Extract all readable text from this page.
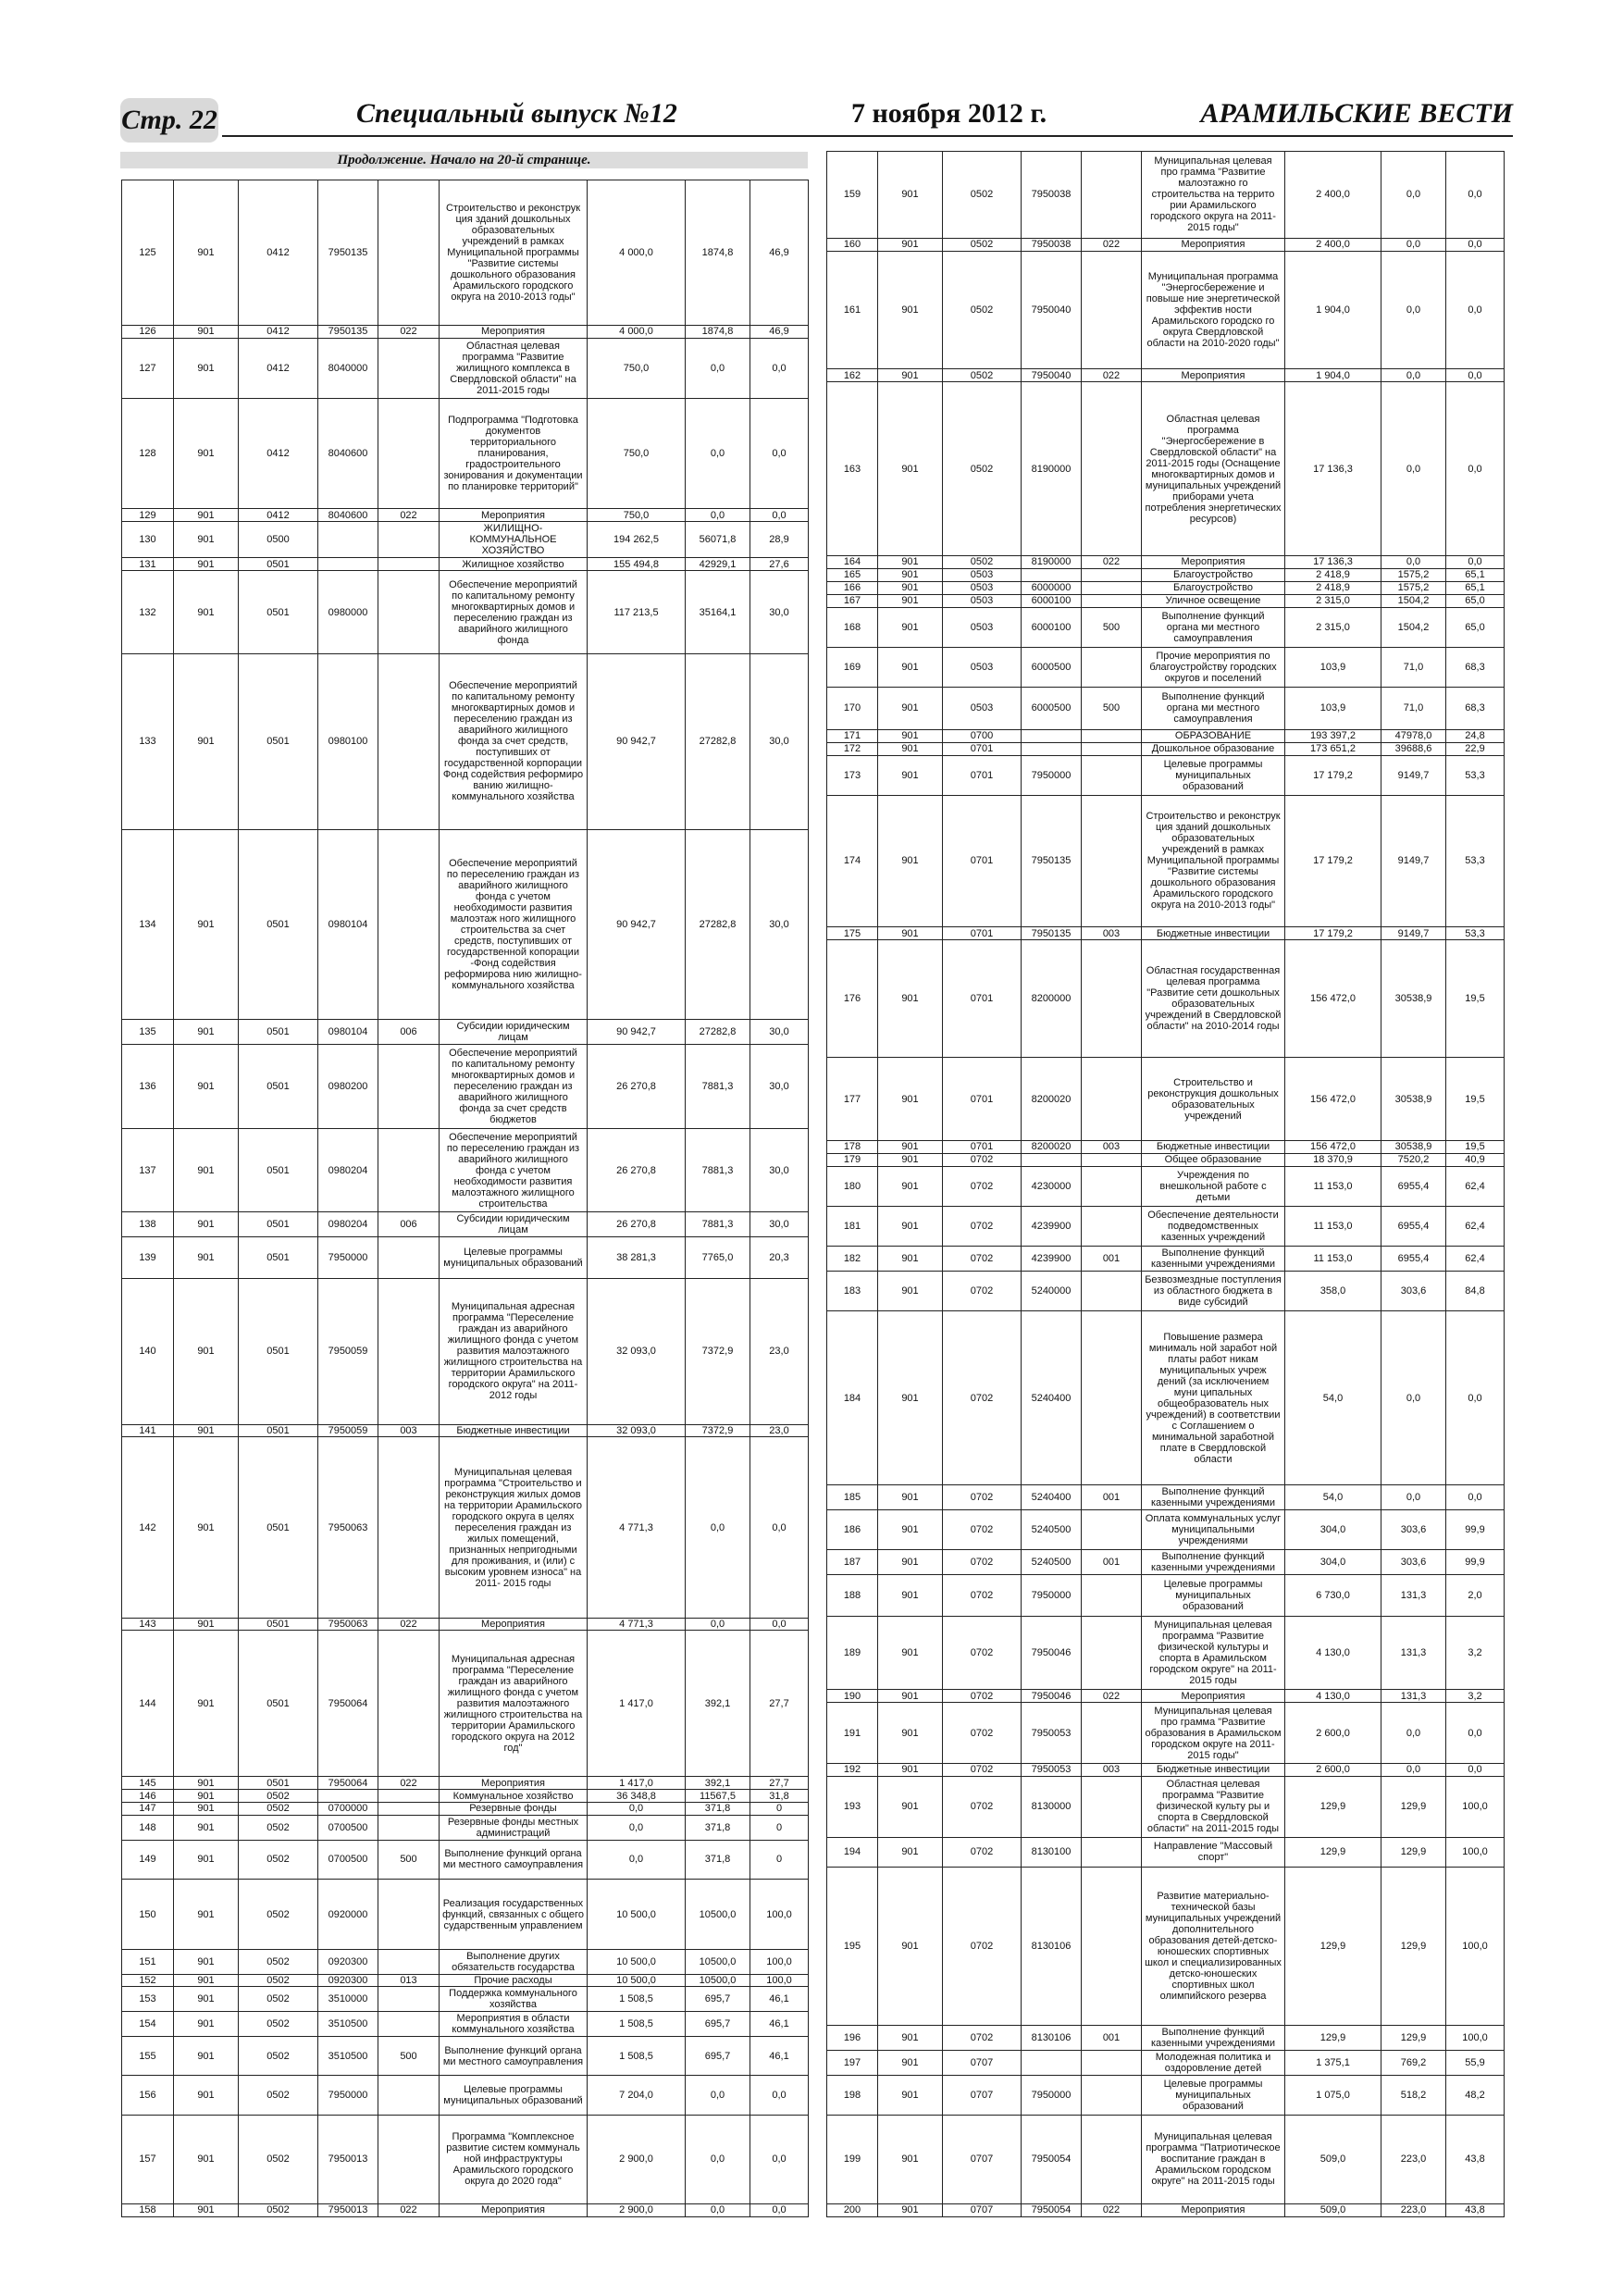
Стр. 22	Специальный выпуск №12	7 ноября 2012 г.	АРАМИЛЬСКИЕ ВЕСТИ
Продолжение. Начало на 20-й странице.
125	901	0412	7950135		Строительство и реконструк ция зданий дошкольных образовательных учреждений в рамках Муниципальной программы "Развитие системы дошкольного образования Арамильского городского округа на 2010-2013 годы"	4 000,0	1874,8	46,9
126	901	0412	7950135	022	Мероприятия	4 000,0	1874,8	46,9
127	901	0412	8040000		Областная целевая программа "Развитие жилищного комплекса в Свердловской области" на 2011-2015 годы	750,0	0,0	0,0
128	901	0412	8040600		Подпрограмма "Подготовка документов территориального планирования, градостроительного зонирования и документации по планировке территорий"	750,0	0,0	0,0
129	901	0412	8040600	022	Мероприятия	750,0	0,0	0,0
130	901	0500			ЖИЛИЩНО-КОММУНАЛЬНОЕ ХОЗЯЙСТВО	194 262,5	56071,8	28,9
131	901	0501			Жилищное хозяйство	155 494,8	42929,1	27,6
132	901	0501	0980000		Обеспечение мероприятий по капитальному ремонту многоквартирных домов и переселению граждан из аварийного жилищного фонда	117 213,5	35164,1	30,0
133	901	0501	0980100		Обеспечение мероприятий по капитальному ремонту многоквартирных домов и переселению граждан из аварийного жилищного фонда за счет средств, поступивших от государственной корпорации Фонд содействия реформиро ванию жилищно-коммунального хозяйства	90 942,7	27282,8	30,0
134	901	0501	0980104		Обеспечение мероприятий по переселению граждан из аварийного жилищного фонда с учетом необходимости развития малоэтаж ного жилищного строительства за счет средств, поступивших от государственной копорации -Фонд содействия реформирова нию жилищно-коммунального хозяйства	90 942,7	27282,8	30,0
135	901	0501	0980104	006	Субсидии юридическим лицам	90 942,7	27282,8	30,0
136	901	0501	0980200		Обеспечение мероприятий по капитальному ремонту многоквартирных домов и переселению граждан из аварийного жилищного фонда за счет средств бюджетов	26 270,8	7881,3	30,0
137	901	0501	0980204		Обеспечение мероприятий по переселению граждан из аварийного жилищного фонда с учетом необходимости развития малоэтажного жилищного строительства	26 270,8	7881,3	30,0
138	901	0501	0980204	006	Субсидии юридическим лицам	26 270,8	7881,3	30,0
139	901	0501	7950000		Целевые программы муниципальных образований	38 281,3	7765,0	20,3
140	901	0501	7950059		Муниципальная адресная программа "Переселение граждан из аварийного жилищного фонда с учетом развития малоэтажного жилищного строительства на территории Арамильского городского округа" на 2011-2012 годы	32 093,0	7372,9	23,0
141	901	0501	7950059	003	Бюджетные инвестиции	32 093,0	7372,9	23,0
142	901	0501	7950063		Муниципальная целевая программа "Строительство и реконструкция жилых домов на территории Арамильского городского округа в целях переселения граждан из жилых помещений, признанных непригодными для проживания, и (или) с высоким уровнем износа" на 2011- 2015 годы	4 771,3	0,0	0,0
143	901	0501	7950063	022	Мероприятия	4 771,3	0,0	0,0
144	901	0501	7950064		Муниципальная адресная программа "Переселение граждан из аварийного жилищного фонда с учетом развития малоэтажного жилищного строительства на территории Арамильского городского округа на 2012 год"	1 417,0	392,1	27,7
145	901	0501	7950064	022	Мероприятия	1 417,0	392,1	27,7
146	901	0502			Коммунальное хозяйство	36 348,8	11567,5	31,8
147	901	0502	0700000		Резервные фонды	0,0	371,8	0
148	901	0502	0700500		Резервные фонды местных администраций	0,0	371,8	0
149	901	0502	0700500	500	Выполнение функций органа ми местного самоуправления	0,0	371,8	0
150	901	0502	0920000		Реализация государственных функций, связанных с общего сударственным управлением	10 500,0	10500,0	100,0
151	901	0502	0920300		Выполнение других обязательств государства	10 500,0	10500,0	100,0
152	901	0502	0920300	013	Прочие расходы	10 500,0	10500,0	100,0
153	901	0502	3510000		Поддержка коммунального хозяйства	1 508,5	695,7	46,1
154	901	0502	3510500		Мероприятия в области коммунального хозяйства	1 508,5	695,7	46,1
155	901	0502	3510500	500	Выполнение функций органа ми местного самоуправления	1 508,5	695,7	46,1
156	901	0502	7950000		Целевые программы муниципальных образований	7 204,0	0,0	0,0
157	901	0502	7950013		Программа "Комплексное развитие систем коммуналь ной инфраструктуры Арамильского городского округа до 2020 года"	2 900,0	0,0	0,0
158	901	0502	7950013	022	Мероприятия	2 900,0	0,0	0,0
159	901	0502	7950038		Муниципальная целевая про грамма "Развитие малоэтажно го строительства на террито рии Арамильского городского округа на 2011-2015 годы"	2 400,0	0,0	0,0
160	901	0502	7950038	022	Мероприятия	2 400,0	0,0	0,0
161	901	0502	7950040		Муниципальная программа "Энергосбережение и повыше ние энергетической эффектив ности Арамильского городско го округа Свердловской области на 2010-2020 годы"	1 904,0	0,0	0,0
162	901	0502	7950040	022	Мероприятия	1 904,0	0,0	0,0
163	901	0502	8190000		Областная целевая программа "Энергосбережение в Свердловской области" на 2011-2015 годы (Оснащение многоквартирных домов и муниципальных учреждений приборами учета потребления энергетических ресурсов)	17 136,3	0,0	0,0
164	901	0502	8190000	022	Мероприятия	17 136,3	0,0	0,0
165	901	0503			Благоустройство	2 418,9	1575,2	65,1
166	901	0503	6000000		Благоустройство	2 418,9	1575,2	65,1
167	901	0503	6000100		Уличное освещение	2 315,0	1504,2	65,0
168	901	0503	6000100	500	Выполнение функций органа ми местного самоуправления	2 315,0	1504,2	65,0
169	901	0503	6000500		Прочие мероприятия по благоустройству городских округов и поселений	103,9	71,0	68,3
170	901	0503	6000500	500	Выполнение функций органа ми местного самоуправления	103,9	71,0	68,3
171	901	0700			ОБРАЗОВАНИЕ	193 397,2	47978,0	24,8
172	901	0701			Дошкольное образование	173 651,2	39688,6	22,9
173	901	0701	7950000		Целевые программы муниципальных образований	17 179,2	9149,7	53,3
174	901	0701	7950135		Строительство и реконструк ция зданий дошкольных образовательных учреждений в рамках Муниципальной программы "Развитие системы дошкольного образования Арамильского городского округа на 2010-2013 годы"	17 179,2	9149,7	53,3
175	901	0701	7950135	003	Бюджетные инвестиции	17 179,2	9149,7	53,3
176	901	0701	8200000		Областная государственная целевая программа "Развитие сети дошкольных образовательных учреждений в Свердловской области" на 2010-2014 годы	156 472,0	30538,9	19,5
177	901	0701	8200020		Строительство и реконструкция дошкольных образовательных учреждений	156 472,0	30538,9	19,5
178	901	0701	8200020	003	Бюджетные инвестиции	156 472,0	30538,9	19,5
179	901	0702			Общее образование	18 370,9	7520,2	40,9
180	901	0702	4230000		Учреждения по внешкольной работе с детьми	11 153,0	6955,4	62,4
181	901	0702	4239900		Обеспечение деятельности подведомственных казенных учреждений	11 153,0	6955,4	62,4
182	901	0702	4239900	001	Выполнение функций казенными учреждениями	11 153,0	6955,4	62,4
183	901	0702	5240000		Безвозмездные поступления из областного бюджета в виде субсидий	358,0	303,6	84,8
184	901	0702	5240400		Повышение размера минималь ной заработ ной платы работ никам муниципальных учреж дений (за исключением муни ципальных общеобразователь ных учреждений) в соответствии с Соглашением о минимальной заработной плате в Свердловской области	54,0	0,0	0,0
185	901	0702	5240400	001	Выполнение функций казенными учреждениями	54,0	0,0	0,0
186	901	0702	5240500		Оплата коммунальных услуг муниципальными учреждениями	304,0	303,6	99,9
187	901	0702	5240500	001	Выполнение функций казенными учреждениями	304,0	303,6	99,9
188	901	0702	7950000		Целевые программы муниципальных образований	6 730,0	131,3	2,0
189	901	0702	7950046		Муниципальная целевая программа "Развитие физической культуры и спорта в Арамильском городском округе" на 2011-2015 годы	4 130,0	131,3	3,2
190	901	0702	7950046	022	Мероприятия	4 130,0	131,3	3,2
191	901	0702	7950053		Муниципальная целевая про грамма "Развитие образования в Арамильском городском округе на 2011-2015 годы"	2 600,0	0,0	0,0
192	901	0702	7950053	003	Бюджетные инвестиции	2 600,0	0,0	0,0
193	901	0702	8130000		Областная целевая программа "Развитие физической культу ры и спорта в Свердловской области" на 2011-2015 годы	129,9	129,9	100,0
194	901	0702	8130100		Направление "Массовый спорт"	129,9	129,9	100,0
195	901	0702	8130106		Развитие материально-технической базы муниципальных учреждений дополнительного образования детей-детско-юношеских спортивных школ и специализированных детско-юношеских спортивных школ олимпийского резерва	129,9	129,9	100,0
196	901	0702	8130106	001	Выполнение функций казенными учреждениями	129,9	129,9	100,0
197	901	0707			Молодежная политика и оздоровление детей	1 375,1	769,2	55,9
198	901	0707	7950000		Целевые программы муниципальных образований	1 075,0	518,2	48,2
199	901	0707	7950054		Муниципальная целевая программа "Патриотическое воспитание граждан в Арамильском городском округе" на 2011-2015 годы	509,0	223,0	43,8
200	901	0707	7950054	022	Мероприятия	509,0	223,0	43,8
